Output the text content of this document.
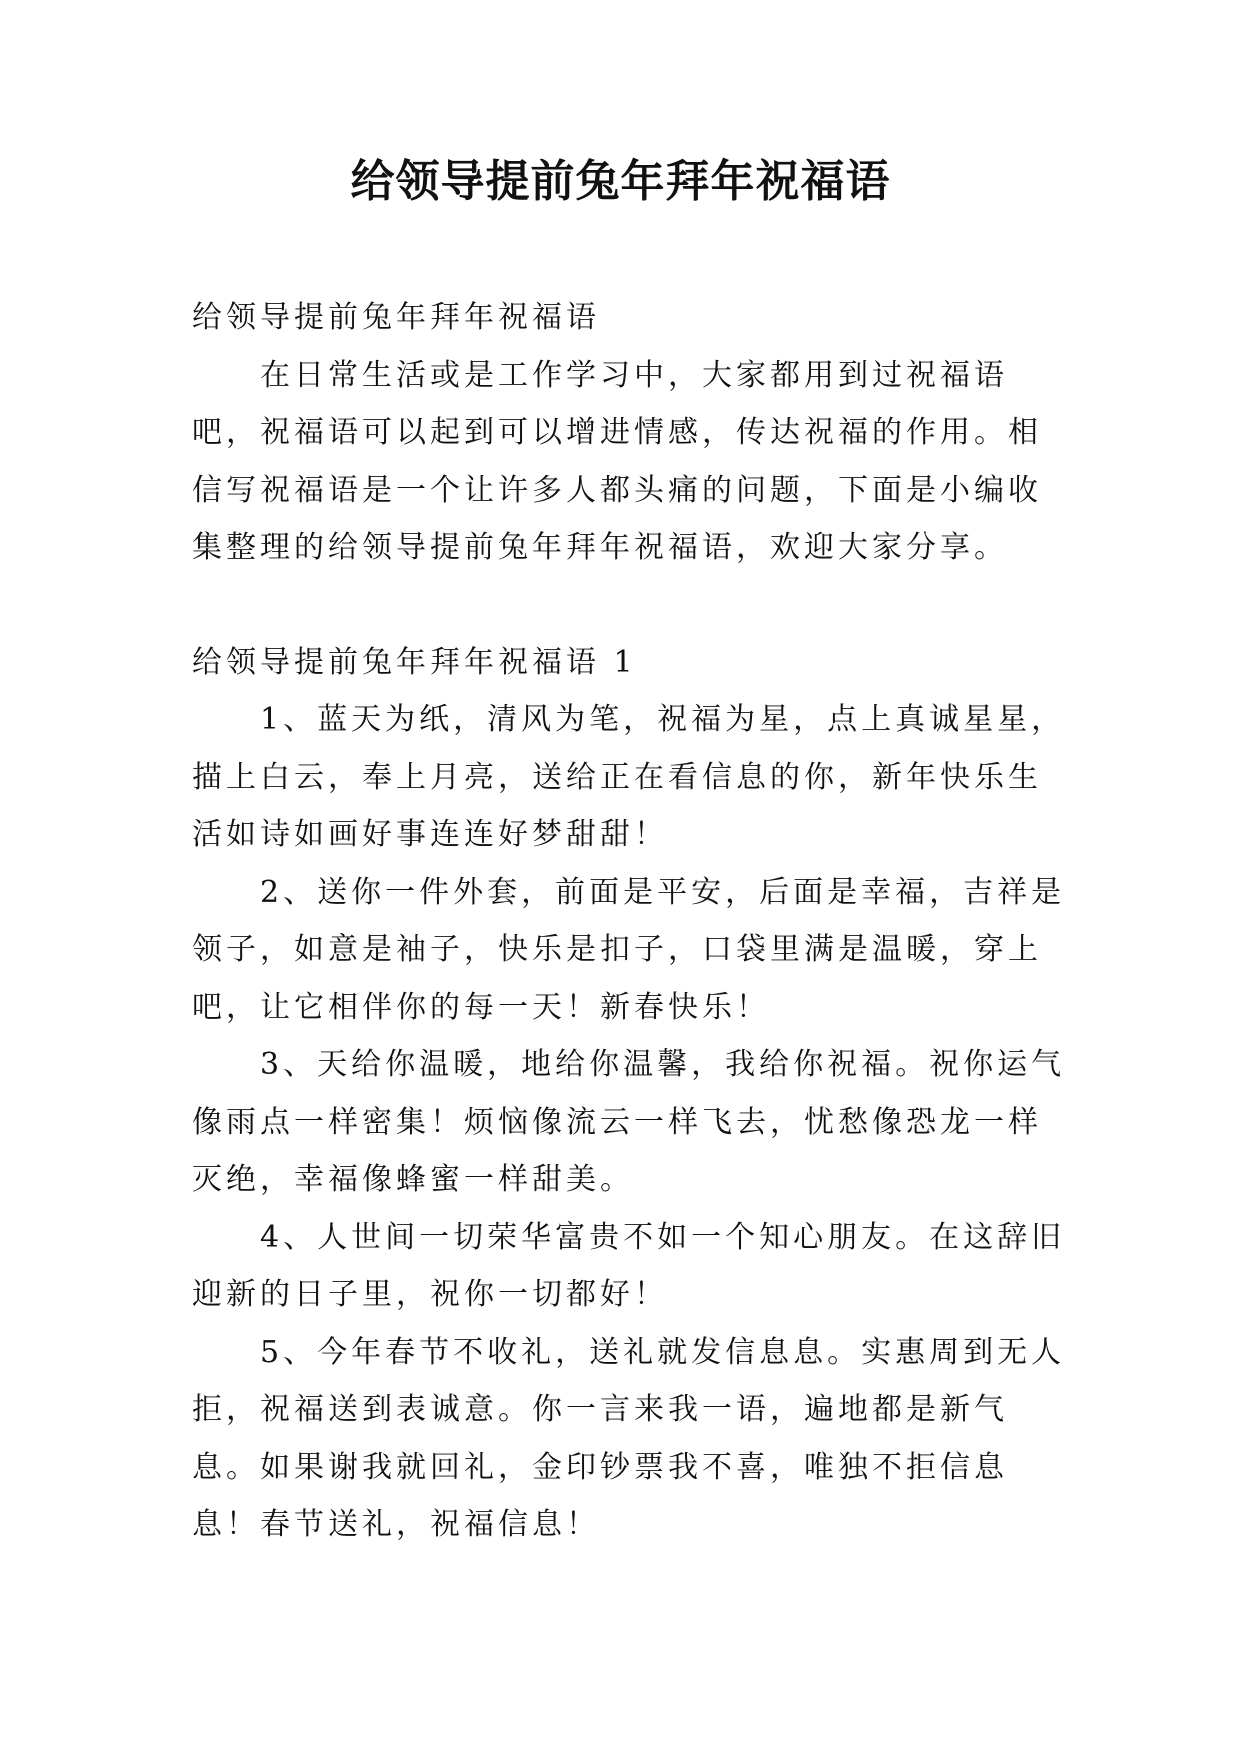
给领导提前兔年拜年祝福语

给领导提前兔年拜年祝福语

在日常生活或是工作学习中，大家都用到过祝福语吧，祝福语可以起到可以增进情感，传达祝福的作用。相信写祝福语是一个让许多人都头痛的问题，下面是小编收集整理的给领导提前兔年拜年祝福语，欢迎大家分享。

给领导提前兔年拜年祝福语 1

1、蓝天为纸，清风为笔，祝福为星，点上真诚星星，描上白云，奉上月亮，送给正在看信息的你，新年快乐生活如诗如画好事连连好梦甜甜！

2、送你一件外套，前面是平安，后面是幸福，吉祥是领子，如意是袖子，快乐是扣子，口袋里满是温暖，穿上吧，让它相伴你的每一天！新春快乐！

3、天给你温暖，地给你温馨，我给你祝福。祝你运气像雨点一样密集！烦恼像流云一样飞去，忧愁像恐龙一样灭绝，幸福像蜂蜜一样甜美。

4、人世间一切荣华富贵不如一个知心朋友。在这辞旧迎新的日子里，祝你一切都好！

5、今年春节不收礼，送礼就发信息息。实惠周到无人拒，祝福送到表诚意。你一言来我一语，遍地都是新气息。如果谢我就回礼，金印钞票我不喜，唯独不拒信息息！春节送礼，祝福信息！
